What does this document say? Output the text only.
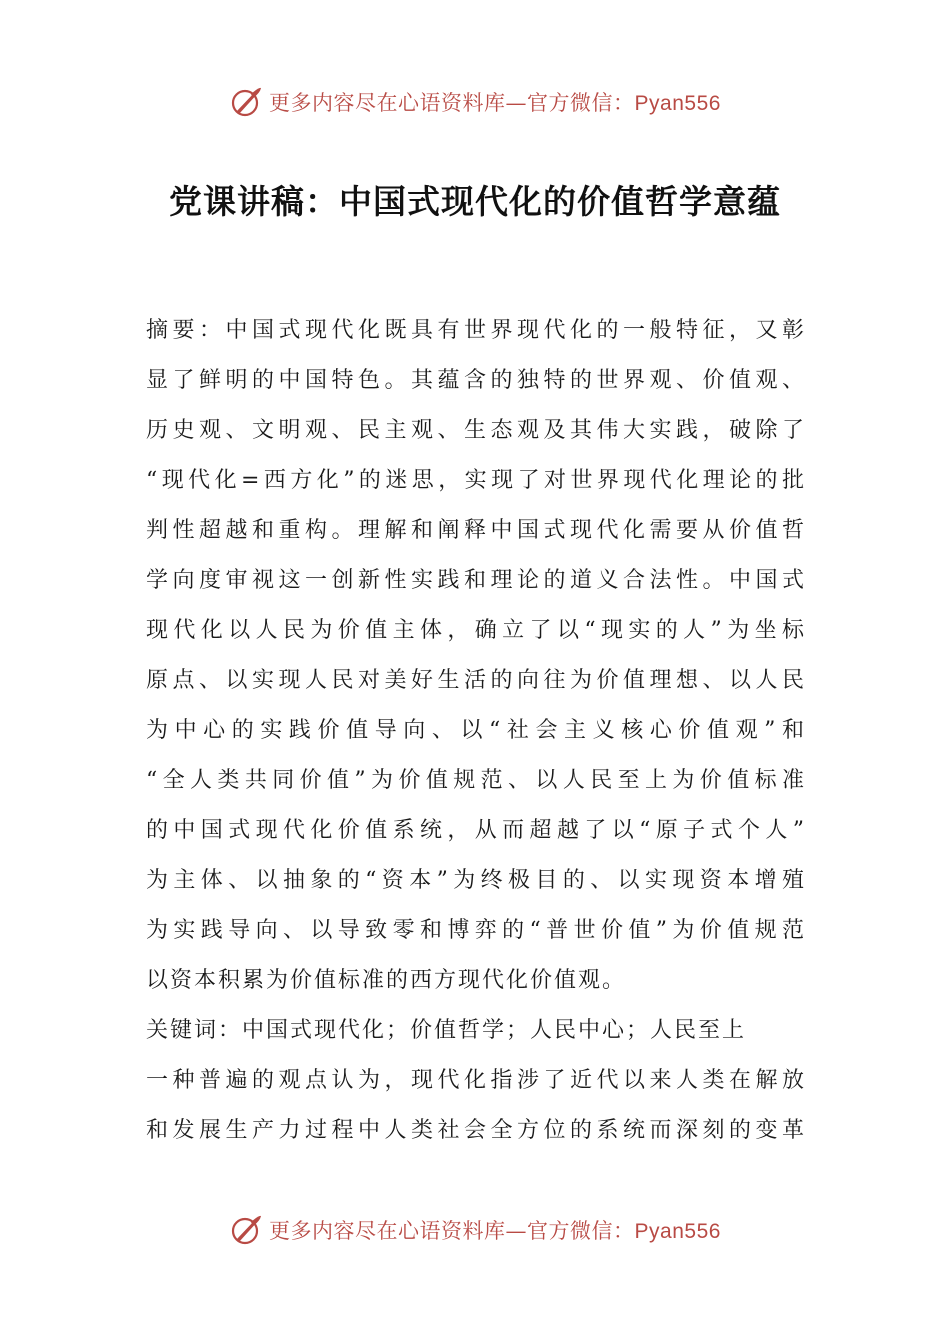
更多内容尽在心语资料库—官方微信：Pyan556
党课讲稿：中国式现代化的价值哲学意蕴
摘要：中国式现代化既具有世界现代化的一般特征，又彰
显了鲜明的中国特色。其蕴含的独特的世界观、价值观、
历史观、文明观、民主观、生态观及其伟大实践，破除了
“现代化=西方化”的迷思，实现了对世界现代化理论的批
判性超越和重构。理解和阐释中国式现代化需要从价值哲
学向度审视这一创新性实践和理论的道义合法性。中国式
现代化以人民为价值主体，确立了以“现实的人”为坐标
原点、以实现人民对美好生活的向往为价值理想、以人民
为中心的实践价值导向、以“社会主义核心价值观”和
“全人类共同价值”为价值规范、以人民至上为价值标准
的中国式现代化价值系统，从而超越了以“原子式个人”
为主体、以抽象的“资本”为终极目的、以实现资本增殖
为实践导向、以导致零和博弈的“普世价值”为价值规范
以资本积累为价值标准的西方现代化价值观。
关键词：中国式现代化；价值哲学；人民中心；人民至上
一种普遍的观点认为，现代化指涉了近代以来人类在解放
和发展生产力过程中人类社会全方位的系统而深刻的变革
更多内容尽在心语资料库—官方微信：Pyan556
